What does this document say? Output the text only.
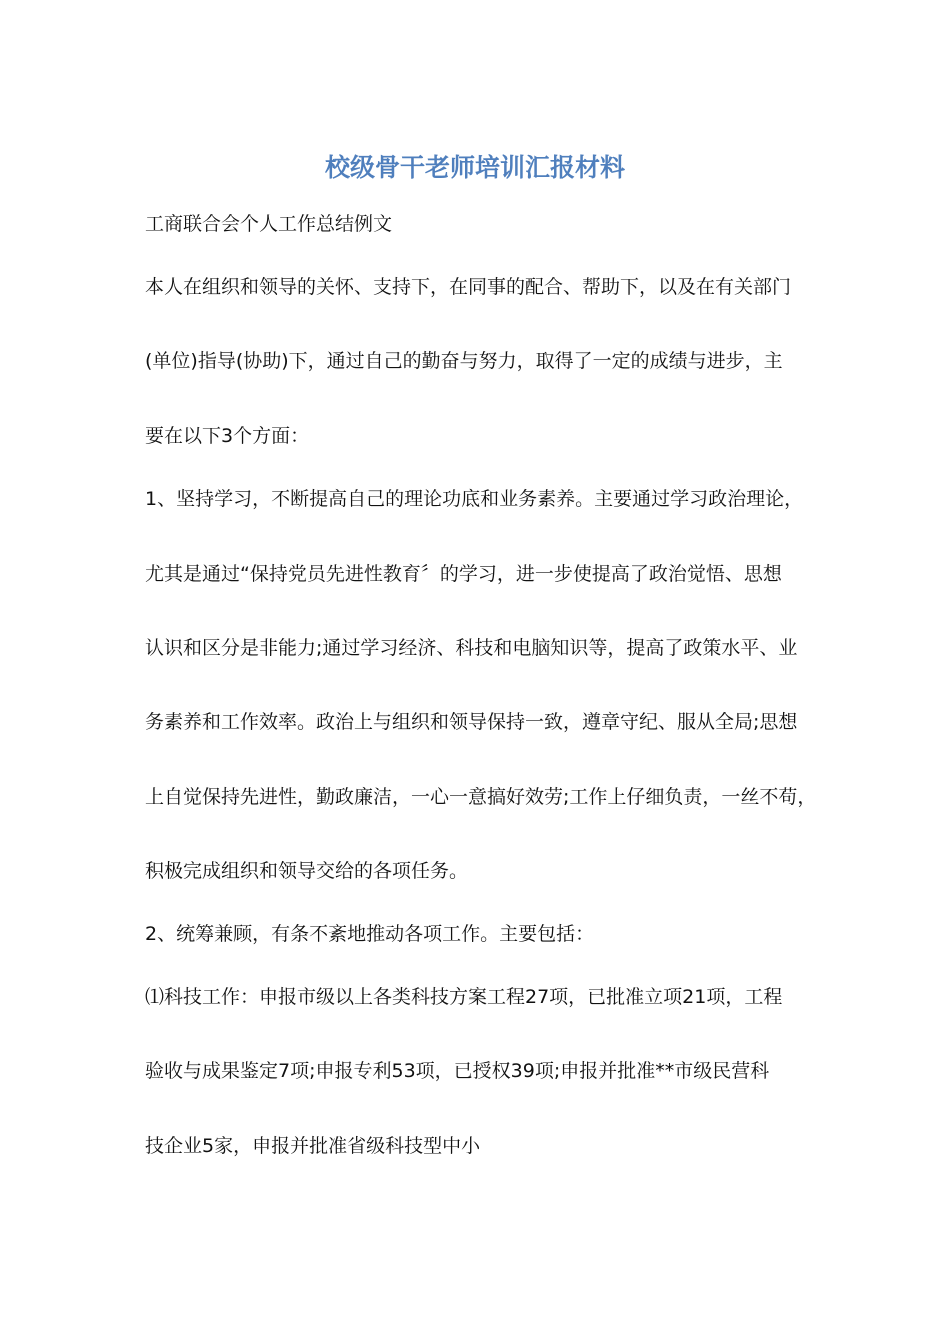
校级骨干老师培训汇报材料

工商联合会个人工作总结例文

本人在组织和领导的关怀、支持下，在同事的配合、帮助下，以及在有关部门

(单位)指导(协助)下，通过自己的勤奋与努力，取得了一定的成绩与进步，主

要在以下3个方面：

1、坚持学习，不断提高自己的理论功底和业务素养。主要通过学习政治理论，

尤其是通过“保持党员先进性教育〞的学习，进一步使提高了政治觉悟、思想

认识和区分是非能力;通过学习经济、科技和电脑知识等，提高了政策水平、业

务素养和工作效率。政治上与组织和领导保持一致，遵章守纪、服从全局;思想

上自觉保持先进性，勤政廉洁，一心一意搞好效劳;工作上仔细负责，一丝不苟，

积极完成组织和领导交给的各项任务。

2、统筹兼顾，有条不紊地推动各项工作。主要包括：

⑴科技工作：申报市级以上各类科技方案工程27项，已批准立项21项，工程

验收与成果鉴定7项;申报专利53项，已授权39项;申报并批准**市级民营科

技企业5家，申报并批准省级科技型中小
